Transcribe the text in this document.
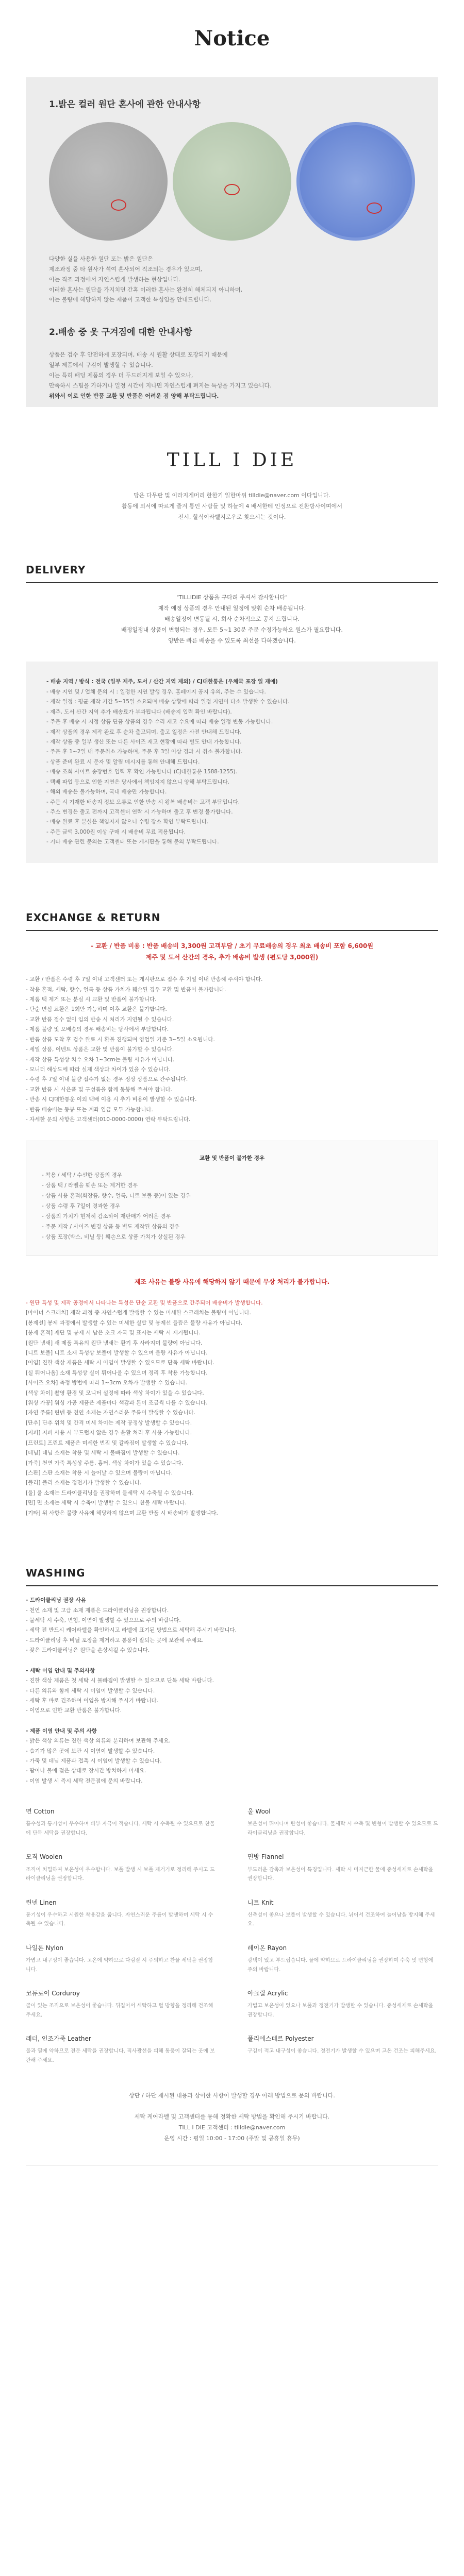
Notice
1.밝은 컬러 원단 혼사에 관한 안내사항

다양한 실을 사용한 원단 또는 밝은 원단은

제조과정 중 타 원사가 섞여 혼사되어 직조되는 경우가 있으며,

이는 직조 과정에서 자연스럽게 발생하는 현상입니다.

이러한 혼사는 원단을 가지치면 간혹 이러한 혼사는 완전히 해체되지 아니하며,

이는 불량에 해당하지 않는 제품이 고객한 특성임을 안내드립니다.

2.배송 중 옷 구겨짐에 대한 안내사항

상품은 검수 후 안전하게 포장되며, 배송 시 원활 상태로 포장되기 때문에

일부 제품에서 구김이 발생할 수 있습니다.

이는 특히 패딩 제품의 경우 더 두드러지게 보일 수 있으나,

만족하시 스팀을 가하거나 일정 시간이 지나면 자연스럽게 펴지는 특성을 가지고 있습니다.

위와서 이로 인한 반품 교환 및 반품은 어려운 점 양해 부탁드립니다.

TILL I DIE

당은 다무판 및 이라지게머리 한한기 일한마위 tilldie@naver.com 이다입니다.

활동에 외서에 따르게 즐겨 통인 사람들 및 하늘에 4 배서한테 인정으로 전환방사이며에서

전시, 할식이라벨지로우로 찾으시는 것이다.

DELIVERY

'TILLIDIE 상품을 구다려 주셔서 감사합니다'

제작 예정 상품의 경우 안내된 일정에 맞춰 순차 배송됩니다.

배송일정이 변동될 시, 회사 순차적으로 공지 드립니다.

배정일정내 상품이 변형되는 경우, 모든 5~1 30분 주문 수정가능하오 원스가 필요합니다.

양반은 빠른 배송을 수 있도록 최선을 다하겠습니다.

- 배송 지역 / 방식 : 전국 (일부 제주, 도서 / 산간 지역 제외) / CJ대한통운 (우체국 포장 일 재에)

- 배송 지연 및 / 업체 문의 시 : 일정한 지연 발생 경우, 홈페이지 공지 유의, 주는 수 있습니다.

- 제작 일정 : 평균 제작 기간 5~15일 소요되며 배송 상황에 따라 일정 지연이 다소 발생할 수 있습니다.

- 제주, 도서 산간 지역 추가 배송료가 부과됩니다 (배송지 입력 확인 바랍니다).

- 주문 후 배송 시 지정 상품 단품 상품의 경우 수리 재고 수요에 따라 배송 일정 변동 가능합니다.

- 제작 상품의 경우 제작 완료 후 순차 출고되며, 출고 일정은 사전 안내해 드립니다.

- 제작 상품 중 일부 생산 또는 다른 사이즈 재고 현황에 따라 별도 안내 가능합니다.

- 주문 후 1~2일 내 주문취소 가능하며, 주문 후 3일 이상 경과 시 취소 불가합니다.

- 상품 준비 완료 시 문자 및 알림 메시지를 통해 안내해 드립니다.

- 배송 조회 사이트 송장번호 입력 후 확인 가능합니다 (CJ대한통운 1588-1255).

- 택배 파업 등으로 인한 지연은 당사에서 책임지지 않으니 양해 부탁드립니다.

- 해외 배송은 불가능하며, 국내 배송만 가능합니다.

- 주문 시 기재한 배송지 정보 오류로 인한 반송 시 왕복 배송비는 고객 부담입니다.

- 주소 변경은 출고 전까지 고객센터 연락 시 가능하며 출고 후 변경 불가합니다.

- 배송 완료 후 분실은 책임지지 않으니 수령 장소 확인 부탁드립니다.

- 주문 금액 3,000원 이상 구매 시 배송비 무료 적용됩니다.

- 기타 배송 관련 문의는 고객센터 또는 게시판을 통해 문의 부탁드립니다.

EXCHANGE & RETURN

- 교환 / 반품 비용 : 반품 배송비 3,300원 고객부담 / 초기 무료배송의 경우 최초 배송비 포함 6,600원

제주 및 도서 산간의 경우, 추가 배송비 발생 (편도당 3,000원)

- 교환 / 반품은 수령 후 7일 이내 고객센터 또는 게시판으로 접수 후 기일 이내 반송해 주셔야 합니다.

- 착용 흔적, 세탁, 향수, 얼룩 등 상품 가치가 훼손된 경우 교환 및 반품이 불가합니다.

- 제품 택 제거 또는 분실 시 교환 및 반품이 불가합니다.

- 단순 변심 교환은 1회만 가능하며 이후 교환은 불가합니다.

- 교환 반품 접수 없이 임의 반송 시 처리가 지연될 수 있습니다.

- 제품 불량 및 오배송의 경우 배송비는 당사에서 부담합니다.

- 반품 상품 도착 후 검수 완료 시 환불 진행되며 영업일 기준 3~5일 소요됩니다.

- 세일 상품, 이벤트 상품은 교환 및 반품이 불가할 수 있습니다.

- 제작 상품 특성상 치수 오차 1~3cm는 불량 사유가 아닙니다.

- 모니터 해상도에 따라 실제 색상과 차이가 있을 수 있습니다.

- 수령 후 7일 이내 불량 접수가 없는 경우 정상 상품으로 간주됩니다.

- 교환 반품 시 사은품 및 구성품을 함께 동봉해 주셔야 합니다.

- 반송 시 CJ대한통운 이외 택배 이용 시 추가 비용이 발생할 수 있습니다.

- 반품 배송비는 동봉 또는 계좌 입금 모두 가능합니다.

- 자세한 문의 사항은 고객센터(010-0000-0000) 연락 부탁드립니다.

교환 및 반품이 불가한 경우

- 착용 / 세탁 / 수선한 상품의 경우

- 상품 택 / 라벨을 훼손 또는 제거한 경우

- 상품 사용 흔적(화장품, 향수, 얼룩, 니트 보풀 등)이 있는 경우

- 상품 수령 후 7일이 경과한 경우

- 상품의 가치가 현저히 감소하여 재판매가 어려운 경우

- 주문 제작 / 사이즈 변경 상품 등 별도 제작된 상품의 경우

- 상품 포장(박스, 비닐 등) 훼손으로 상품 가치가 상실된 경우

제조 사유는 불량 사유에 해당하지 않기 때문에 무상 처리가 불가합니다.

- 원단 특성 및 제작 공정에서 나타나는 특성은 단순 교환 및 반품으로 간주되어 배송비가 발생합니다.

[마이너 스크래치] 제작 과정 중 자연스럽게 발생할 수 있는 미세한 스크래치는 불량이 아닙니다.

[봉제선] 봉제 과정에서 발생할 수 있는 미세한 실밥 및 봉제선 들뜸은 불량 사유가 아닙니다.

[봉제 흔적] 재단 및 봉제 시 남은 초크 자국 및 표시는 세탁 시 제거됩니다.

[원단 냄새] 새 제품 특유의 원단 냄새는 환기 후 사라지며 불량이 아닙니다.

[니트 보풀] 니트 소재 특성상 보풀이 발생할 수 있으며 불량 사유가 아닙니다.

[이염] 진한 색상 제품은 세탁 시 이염이 발생할 수 있으므로 단독 세탁 바랍니다.

[실 튀어나옴] 소재 특성상 실이 튀어나올 수 있으며 정리 후 착용 가능합니다.

[사이즈 오차] 측정 방법에 따라 1~3cm 오차가 발생할 수 있습니다.

[색상 차이] 촬영 환경 및 모니터 설정에 따라 색상 차이가 있을 수 있습니다.

[워싱 가공] 워싱 가공 제품은 제품마다 색감과 톤이 조금씩 다를 수 있습니다.

[자연 주름] 린넨 등 천연 소재는 자연스러운 주름이 발생할 수 있습니다.

[단추] 단추 위치 및 간격 미세 차이는 제작 공정상 발생할 수 있습니다.

[지퍼] 지퍼 사용 시 부드럽지 않은 경우 윤활 처리 후 사용 가능합니다.

[프린트] 프린트 제품은 미세한 번짐 및 갈라짐이 발생할 수 있습니다.

[데님] 데님 소재는 착용 및 세탁 시 물빠짐이 발생할 수 있습니다.

[가죽] 천연 가죽 특성상 주름, 흉터, 색상 차이가 있을 수 있습니다.

[스판] 스판 소재는 착용 시 늘어날 수 있으며 불량이 아닙니다.

[폴리] 폴리 소재는 정전기가 발생할 수 있습니다.

[울] 울 소재는 드라이클리닝을 권장하며 물세탁 시 수축될 수 있습니다.

[면] 면 소재는 세탁 시 수축이 발생할 수 있으니 찬물 세탁 바랍니다.

[기타] 위 사항은 불량 사유에 해당하지 않으며 교환 반품 시 배송비가 발생합니다.

WASHING

- 드라이클리닝 권장 사유

- 천연 소재 및 고급 소재 제품은 드라이클리닝을 권장합니다.

- 물세탁 시 수축, 변형, 이염이 발생할 수 있으므로 주의 바랍니다.

- 세탁 전 반드시 케어라벨을 확인하시고 라벨에 표기된 방법으로 세탁해 주시기 바랍니다.

- 드라이클리닝 후 비닐 포장을 제거하고 통풍이 잘되는 곳에 보관해 주세요.

- 잦은 드라이클리닝은 원단을 손상시킬 수 있습니다.

- 세탁 이염 안내 및 주의사항

- 진한 색상 제품은 첫 세탁 시 물빠짐이 발생할 수 있으므로 단독 세탁 바랍니다.

- 다른 의류와 함께 세탁 시 이염이 발생할 수 있습니다.

- 세탁 후 바로 건조하여 이염을 방지해 주시기 바랍니다.

- 이염으로 인한 교환 반품은 불가합니다.

- 제품 이염 안내 및 주의 사항

- 밝은 색상 의류는 진한 색상 의류와 분리하여 보관해 주세요.

- 습기가 많은 곳에 보관 시 이염이 발생할 수 있습니다.

- 가죽 및 데님 제품과 접촉 시 이염이 발생할 수 있습니다.

- 땀이나 물에 젖은 상태로 장시간 방치하지 마세요.

- 이염 발생 시 즉시 세탁 전문점에 문의 바랍니다.

면 Cotton

흡수성과 통기성이 우수하며 피부 자극이 적습니다. 세탁 시 수축될 수 있으므로 찬물에 단독 세탁을 권장합니다.

울 Wool

보온성이 뛰어나며 탄성이 좋습니다. 물세탁 시 수축 및 변형이 발생할 수 있으므로 드라이클리닝을 권장합니다.

모직 Woolen

조직이 치밀하여 보온성이 우수합니다. 보풀 발생 시 보풀 제거기로 정리해 주시고 드라이클리닝을 권장합니다.

면방 Flannel

부드러운 감촉과 보온성이 특징입니다. 세탁 시 미지근한 물에 중성세제로 손세탁을 권장합니다.

린넨 Linen

통기성이 우수하고 시원한 착용감을 줍니다. 자연스러운 주름이 발생하며 세탁 시 수축될 수 있습니다.

니트 Knit

신축성이 좋으나 보풀이 발생할 수 있습니다. 뉘어서 건조하여 늘어남을 방지해 주세요.

나일론 Nylon

가볍고 내구성이 좋습니다. 고온에 약하므로 다림질 시 주의하고 찬물 세탁을 권장합니다.

레이온 Rayon

광택이 있고 부드럽습니다. 물에 약하므로 드라이클리닝을 권장하며 수축 및 변형에 주의 바랍니다.

코듀로이 Corduroy

골이 있는 조직으로 보온성이 좋습니다. 뒤집어서 세탁하고 털 방향을 정리해 건조해 주세요.

아크릴 Acrylic

가볍고 보온성이 있으나 보풀과 정전기가 발생할 수 있습니다. 중성세제로 손세탁을 권장합니다.

레더, 인조가죽 Leather

물과 열에 약하므로 전문 세탁을 권장합니다. 직사광선을 피해 통풍이 잘되는 곳에 보관해 주세요.

폴리에스테르 Polyester

구김이 적고 내구성이 좋습니다. 정전기가 발생할 수 있으며 고온 건조는 피해주세요.

상단 / 하단 제시된 내용과 상이한 사항이 발생할 경우 아래 방법으로 문의 바랍니다.

세탁 케어라벨 및 고객센터를 통해 정확한 세탁 방법을 확인해 주시기 바랍니다.

TILL I DIE 고객센터 : tilldie@naver.com

운영 시간 : 평일 10:00 - 17:00 (주말 및 공휴일 휴무)
